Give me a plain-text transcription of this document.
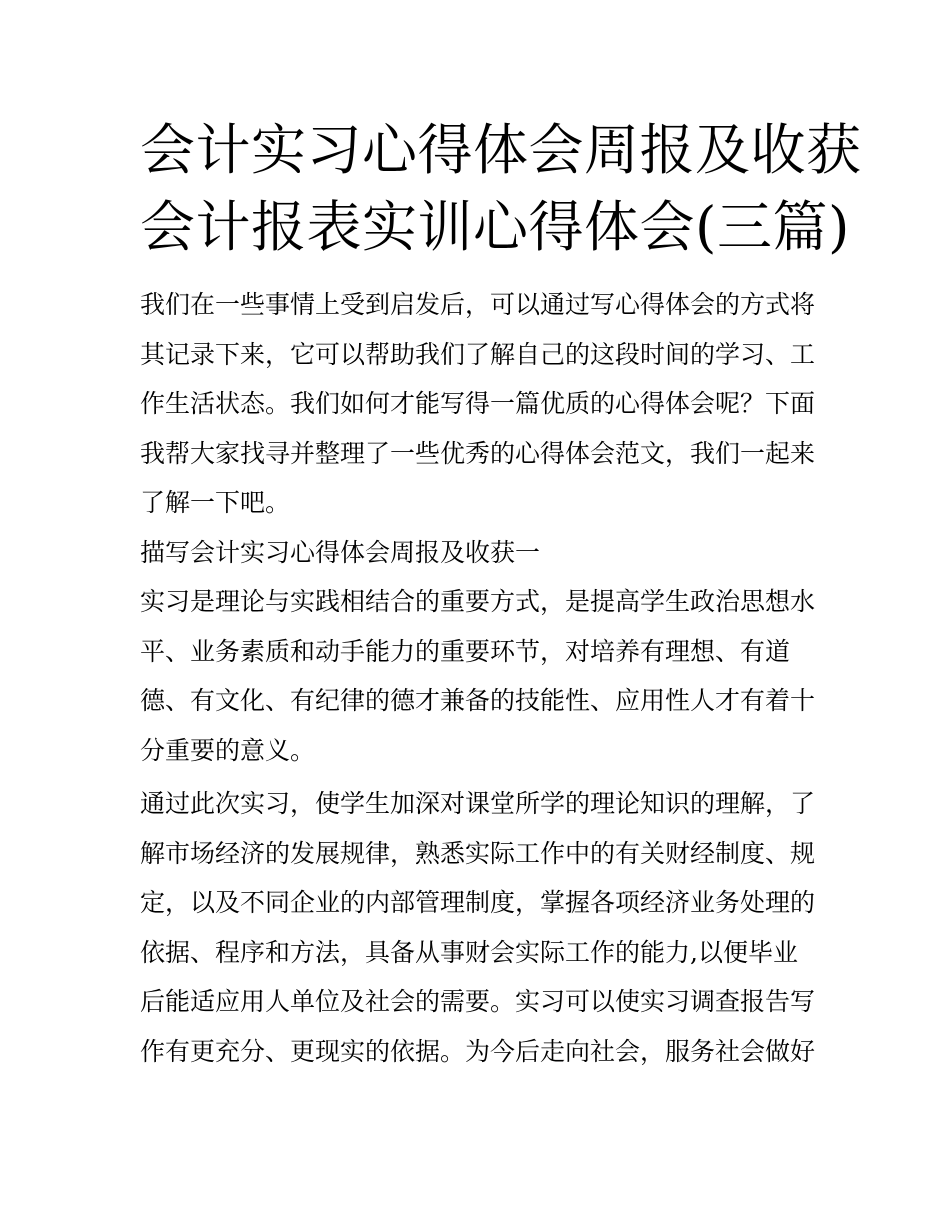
会计实习心得体会周报及收获
会计报表实训心得体会(三篇)
我们在一些事情上受到启发后，可以通过写心得体会的方式将
其记录下来，它可以帮助我们了解自己的这段时间的学习、工
作生活状态。我们如何才能写得一篇优质的心得体会呢？下面
我帮大家找寻并整理了一些优秀的心得体会范文，我们一起来
了解一下吧。
描写会计实习心得体会周报及收获一
实习是理论与实践相结合的重要方式，是提高学生政治思想水
平、业务素质和动手能力的重要环节，对培养有理想、有道
德、有文化、有纪律的德才兼备的技能性、应用性人才有着十
分重要的意义。
通过此次实习，使学生加深对课堂所学的理论知识的理解，了
解市场经济的发展规律，熟悉实际工作中的有关财经制度、规
定，以及不同企业的内部管理制度，掌握各项经济业务处理的
依据、程序和方法，具备从事财会实际工作的能力,以便毕业
后能适应用人单位及社会的需要。实习可以使实习调查报告写
作有更充分、更现实的依据。为今后走向社会，服务社会做好
